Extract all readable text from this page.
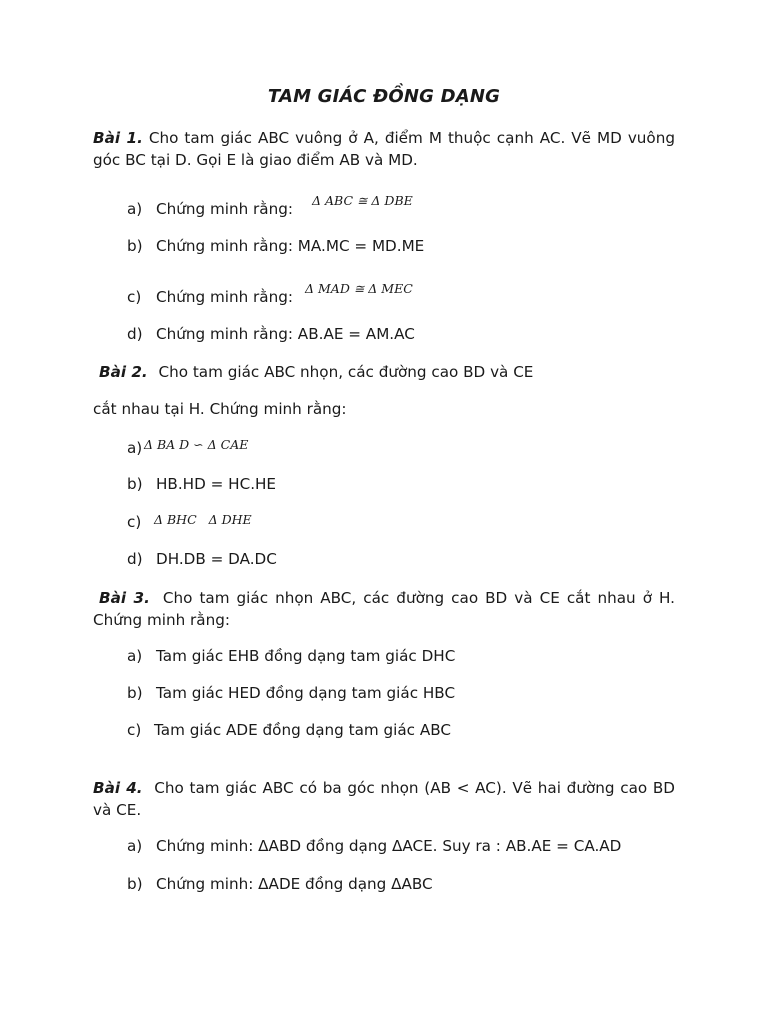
TAM GIÁC ĐỒNG DẠNG
Bài 1. Cho tam giác ABC vuông ở A, điểm M thuộc cạnh AC. Vẽ MD vuông góc BC tại D. Gọi E là giao điểm AB và MD.
a) Chứng minh rằng: Δ ABC ≅ Δ DBE
b) Chứng minh rằng: MA.MC = MD.ME
c) Chứng minh rằng: Δ MAD ≅ Δ MEC
d) Chứng minh rằng: AB.AE = AM.AC
Bài 2. Cho tam giác ABC nhọn, các đường cao BD và CE
cắt nhau tại H. Chứng minh rằng:
a) Δ BA D ∽ Δ CAE
b) HB.HD = HC.HE
c) Δ BHC   Δ DHE
d) DH.DB = DA.DC
Bài 3. Cho tam giác nhọn ABC, các đường cao BD và CE cắt nhau ở H. Chứng minh rằng:
a) Tam giác EHB đồng dạng tam giác DHC
b) Tam giác HED đồng dạng tam giác HBC
c) Tam giác ADE đồng dạng tam giác ABC
Bài 4. Cho tam giác ABC có ba góc nhọn (AB < AC). Vẽ hai đường cao BD và CE.
a) Chứng minh: ΔABD đồng dạng ΔACE. Suy ra : AB.AE = CA.AD
b) Chứng minh: ΔADE đồng dạng ΔABC
